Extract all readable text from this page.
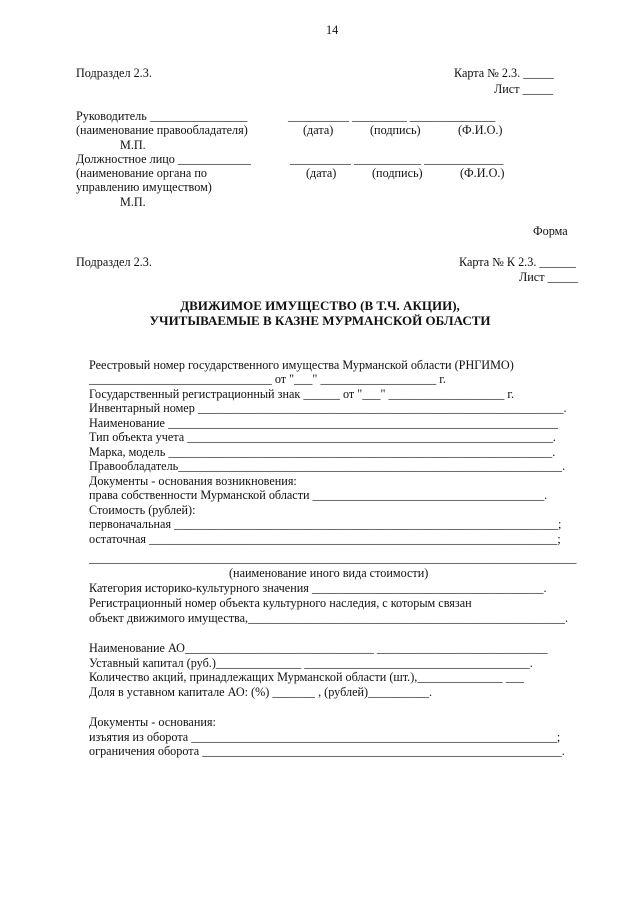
14
Подраздел 2.3.	Карта № 2.3. _____
Лист _____
Руководитель ________________	__________ _________ ______________
(наименование правообладателя)	(дата)	(подпись)	(Ф.И.О.)
М.П.
Должностное лицо ____________	__________ ___________ _____________
(наименование органа по	(дата)	(подпись)	(Ф.И.О.)
управлению имуществом)
М.П.
Форма
Подраздел 2.3.	Карта № К 2.3. ______
Лист _____
ДВИЖИМОЕ ИМУЩЕСТВО (В Т.Ч. АКЦИИ),
УЧИТЫВАЕМЫЕ В КАЗНЕ МУРМАНСКОЙ ОБЛАСТИ
Реестровый номер государственного имущества Мурманской области (РНГИМО)
______________________________ от "___" ___________________ г.
Государственный регистрационный знак ______ от "___" ___________________ г.
Инвентарный номер ____________________________________________________________.
Наименование ________________________________________________________________
Тип объекта учета ____________________________________________________________.
Марка, модель _______________________________________________________________.
Правообладатель_______________________________________________________________.
Документы - основания возникновения:
права собственности Мурманской области ______________________________________.
Стоимость (рублей):
первоначальная _______________________________________________________________;
остаточная ___________________________________________________________________;
________________________________________________________________________________
(наименование иного вида стоимости)
Категория историко-культурного значения ______________________________________.
Регистрационный номер объекта культурного наследия, с которым связан
объект движимого имущества,____________________________________________________.
Наименование АО_______________________________ ____________________________
Уставный капитал (руб.)______________ _____________________________________.
Количество акций, принадлежащих Мурманской области (шт.),______________ ___
Доля в уставном капитале АО: (%) _______ , (рублей)__________.
Документы - основания:
изъятия из оборота ____________________________________________________________;
ограничения оборота ___________________________________________________________.
